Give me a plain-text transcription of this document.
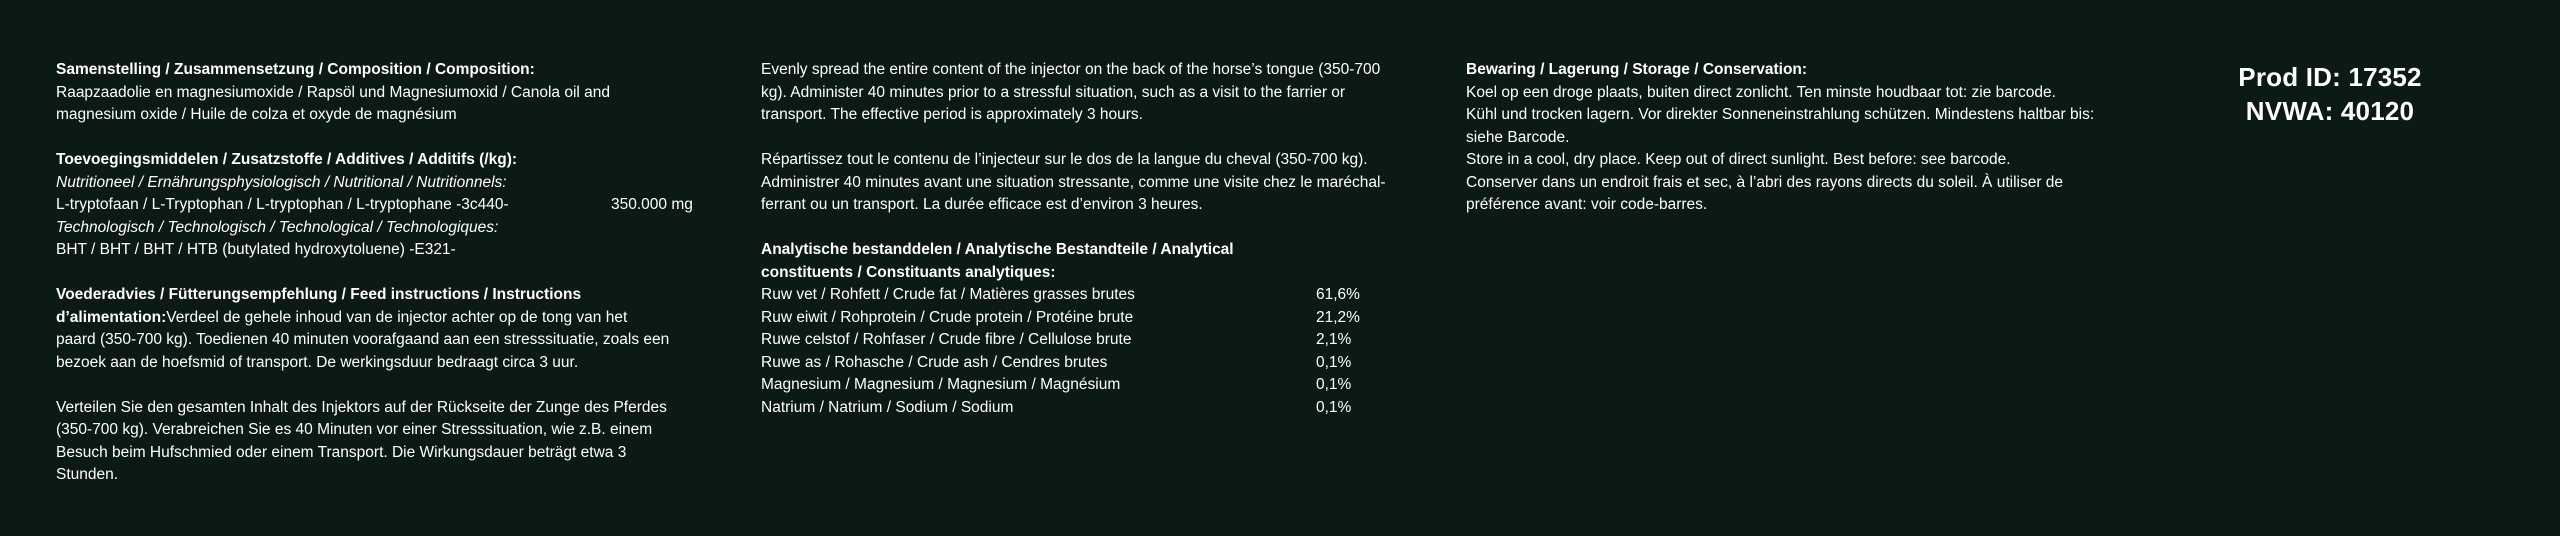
Samenstelling / Zusammensetzung / Composition / Composition:
Raapzaadolie en magnesiumoxide / Rapsöl und Magnesiumoxid / Canola oil and
magnesium oxide / Huile de colza et oxyde de magnésium
Toevoegingsmiddelen / Zusatzstoffe / Additives / Additifs (/kg):
Nutritioneel / Ernährungsphysiologisch / Nutritional / Nutritionnels:
L-tryptofaan / L-Tryptophan / L-tryptophan / L-tryptophane -3c440-	350.000 mg
Technologisch / Technologisch / Technological / Technologiques:
BHT / BHT / BHT / HTB (butylated hydroxytoluene) -E321-
Voederadvies / Fütterungsempfehlung / Feed instructions / Instructions
d’alimentation:Verdeel de gehele inhoud van de injector achter op de tong van het
paard (350-700 kg). Toedienen 40 minuten voorafgaand aan een stresssituatie, zoals een
bezoek aan de hoefsmid of transport. De werkingsduur bedraagt circa 3 uur.
Verteilen Sie den gesamten Inhalt des Injektors auf der Rückseite der Zunge des Pferdes
(350-700 kg). Verabreichen Sie es 40 Minuten vor einer Stresssituation, wie z.B. einem
Besuch beim Hufschmied oder einem Transport. Die Wirkungsdauer beträgt etwa 3
Stunden.
Evenly spread the entire content of the injector on the back of the horse’s tongue (350-700
kg). Administer 40 minutes prior to a stressful situation, such as a visit to the farrier or
transport. The effective period is approximately 3 hours.
Répartissez tout le contenu de l’injecteur sur le dos de la langue du cheval (350-700 kg).
Administrer 40 minutes avant une situation stressante, comme une visite chez le maréchal-
ferrant ou un transport. La durée efficace est d’environ 3 heures.
Analytische bestanddelen / Analytische Bestandteile / Analytical
constituents / Constituants analytiques:
Ruw vet / Rohfett / Crude fat / Matières grasses brutes	61,6%
Ruw eiwit / Rohprotein / Crude protein / Protéine brute	21,2%
Ruwe celstof / Rohfaser / Crude fibre / Cellulose brute	2,1%
Ruwe as / Rohasche / Crude ash / Cendres brutes	0,1%
Magnesium / Magnesium / Magnesium / Magnésium	0,1%
Natrium / Natrium / Sodium / Sodium	0,1%
Bewaring / Lagerung / Storage / Conservation:
Koel op een droge plaats, buiten direct zonlicht. Ten minste houdbaar tot: zie barcode.
Kühl und trocken lagern. Vor direkter Sonneneinstrahlung schützen. Mindestens haltbar bis:
siehe Barcode.
Store in a cool, dry place. Keep out of direct sunlight. Best before: see barcode.
Conserver dans un endroit frais et sec, à l’abri des rayons directs du soleil. À utiliser de
préférence avant: voir code-barres.
Prod ID: 17352
NVWA: 40120
